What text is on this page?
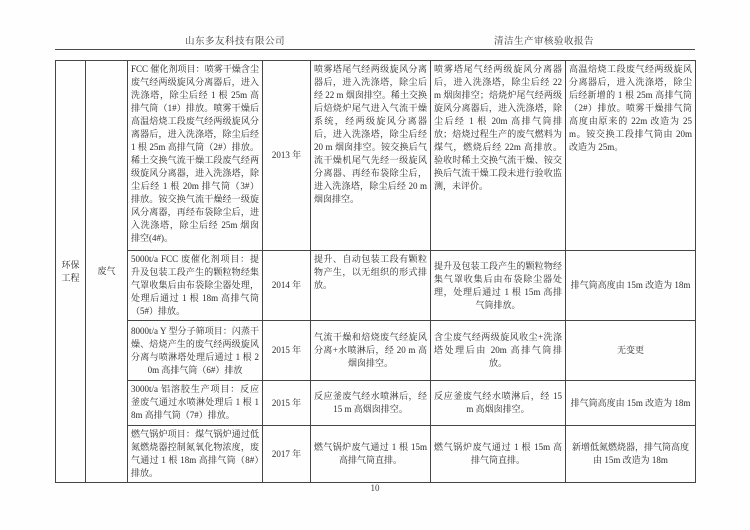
山东多友科技有限公司	清洁生产审核验收报告
环保工程	废气	FCC 催化剂项目：喷雾干燥含尘废气经两级旋风分离器后，进入洗涤塔，除尘后经 1 根 25m 高排气筒（1#）排放。喷雾干燥后高温焙烧工段废气经两级旋风分离器后，进入洗涤塔，除尘后经 1 根 25m 高排气筒（2#）排放。稀土交换气流干燥工段废气经两级旋风分离器，进入洗涤塔，除尘后经 1 根 20m 排气筒（3#）排放。铵交换气流干燥经一级旋风分离器，再经布袋除尘后，进入洗涤塔，除尘后经 25m 烟囱排空(4#)。	2013 年	喷雾塔尾气经两级旋风分离器后，进入洗涤塔，除尘后经 22 m 烟囱排空。稀土交换后焙烧炉尾气进入气流干燥系统，经两级旋风分离器后，进入洗涤塔，除尘后经 20 m 烟囱排空。铵交换后气流干燥机尾气先经一级旋风分离器、再经布袋除尘后，进入洗涤塔，除尘后经 20 m 烟囱排空。	喷雾塔尾气经两级旋风分离器后，进入洗涤塔，除尘后经 22 m 烟囱排空；焙烧炉尾气经两级旋风分离器后，进入洗涤塔，除尘后经 1 根 20m 高排气筒排放；焙烧过程生产的废气燃料为煤气，燃烧后经 22m 高排放。验收时稀土交换气流干燥、铵交换后气流干燥工段未进行验收监测，未评价。	高温焙烧工段废气经两级旋风分离器后，进入洗涤塔，除尘后经新增的 1 根 25m 高排气筒（2#）排放。喷雾干燥排气筒高度由原来的 22m 改造为 25m。铵交换工段排气筒由 20m 改造为 25m。
		5000t/a FCC 废催化剂项目：提升及包装工段产生的颗粒物经集气罩收集后由布袋除尘器处理，处理后通过 1 根 18m 高排气筒（5#）排放。	2014 年	提升、自动包装工段有颗粒物产生，以无组织的形式排放。	提升及包装工段产生的颗粒物经集气罩收集后由布袋除尘器处理，处理后通过 1 根 15m 高排气筒排放。	排气筒高度由 15m 改造为 18m
		8000t/a Y 型分子筛项目：闪蒸干燥、焙烧产生的废气经两级旋风分离与喷淋塔处理后通过 1 根 20m 高排气筒（6#）排放	2015 年	气流干燥和焙烧废气经旋风分离+水喷淋后，经 20 m 高烟囱排空。	含尘废气经两级旋风收尘+洗涤塔处理后由 20m 高排气筒排放。	无变更
		3000t/a 铝溶胶生产项目：反应釜废气通过水喷淋处理后 1 根 18m 高排气筒（7#）排放。	2015 年	反应釜废气经水喷淋后，经 15 m 高烟囱排空。	反应釜废气经水喷淋后，经 15 m 高烟囱排空。	排气筒高度由 15m 改造为 18m
		燃气锅炉项目：煤气锅炉通过低氮燃烧器控制氮氧化物浓度，废气通过 1 根 18m 高排气筒（8#）排放。	2017 年	燃气锅炉废气通过 1 根 15m 高排气筒直排。	燃气锅炉废气通过 1 根 15m 高排气筒直排。	新增低氮燃烧器，排气筒高度由 15m 改造为 18m
10
